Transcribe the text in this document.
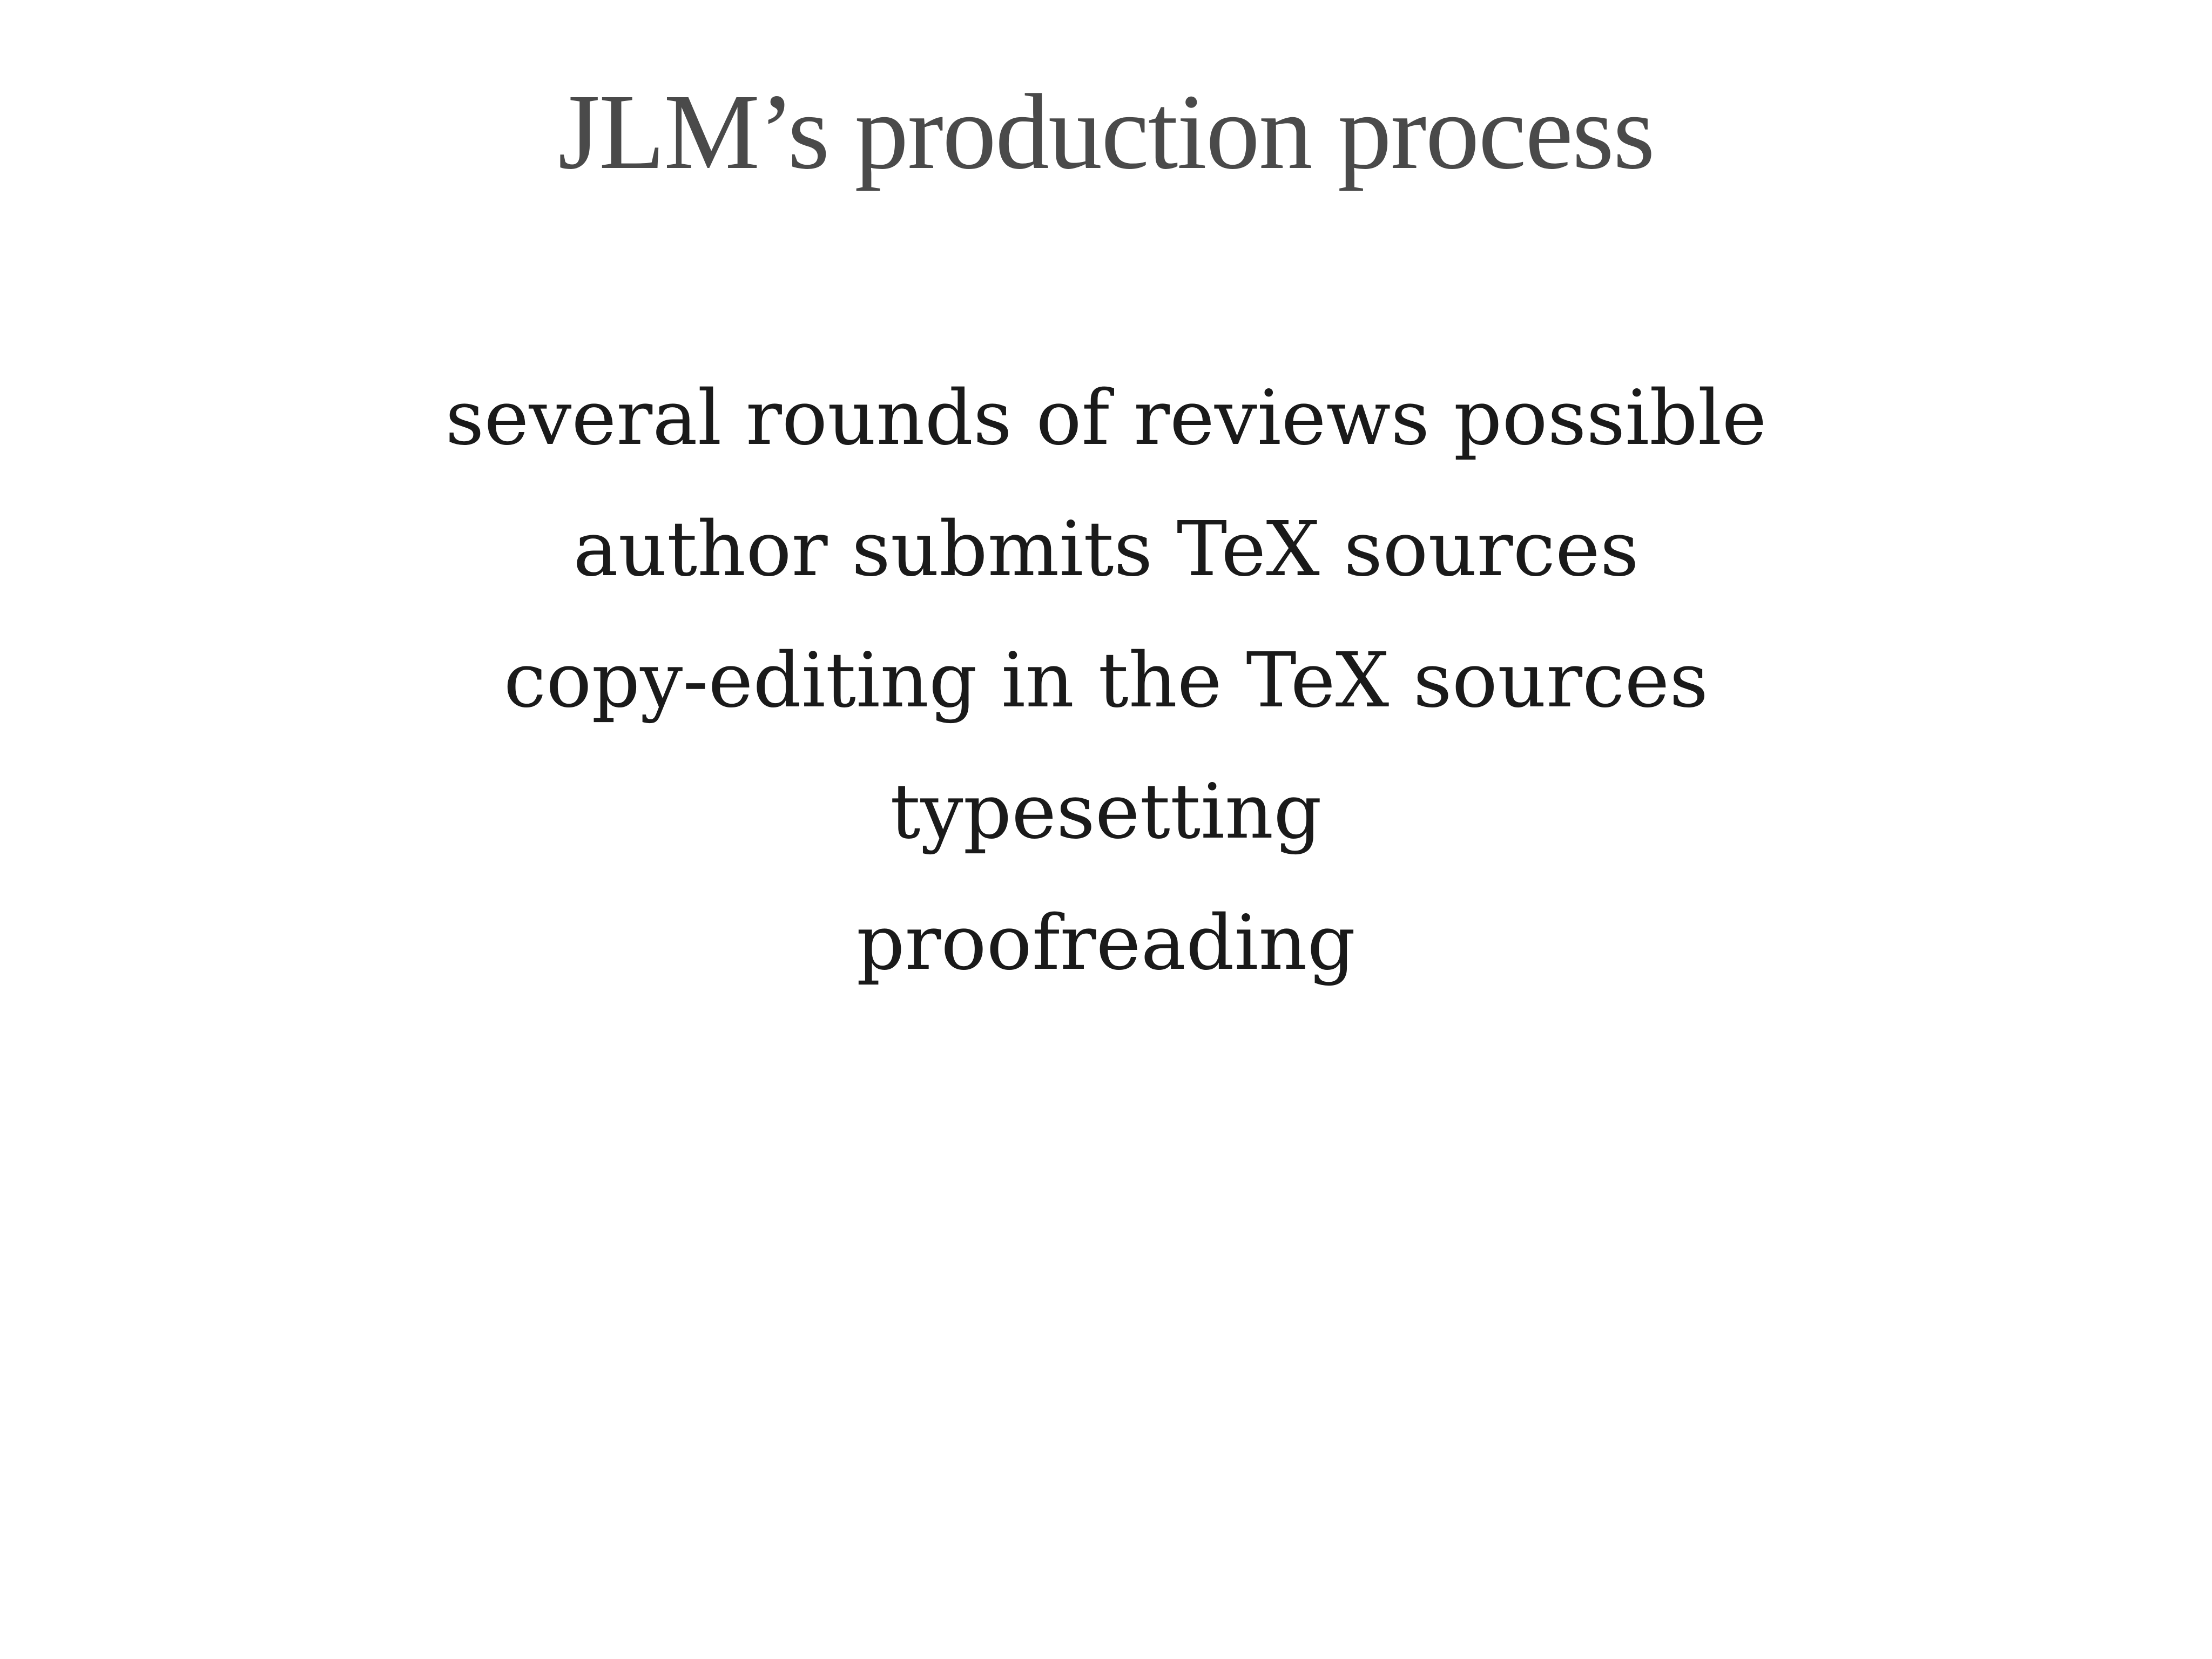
JLM’s production process
several rounds of reviews possible
author submits TeX sources
copy-editing in the TeX sources
typesetting
proofreading
